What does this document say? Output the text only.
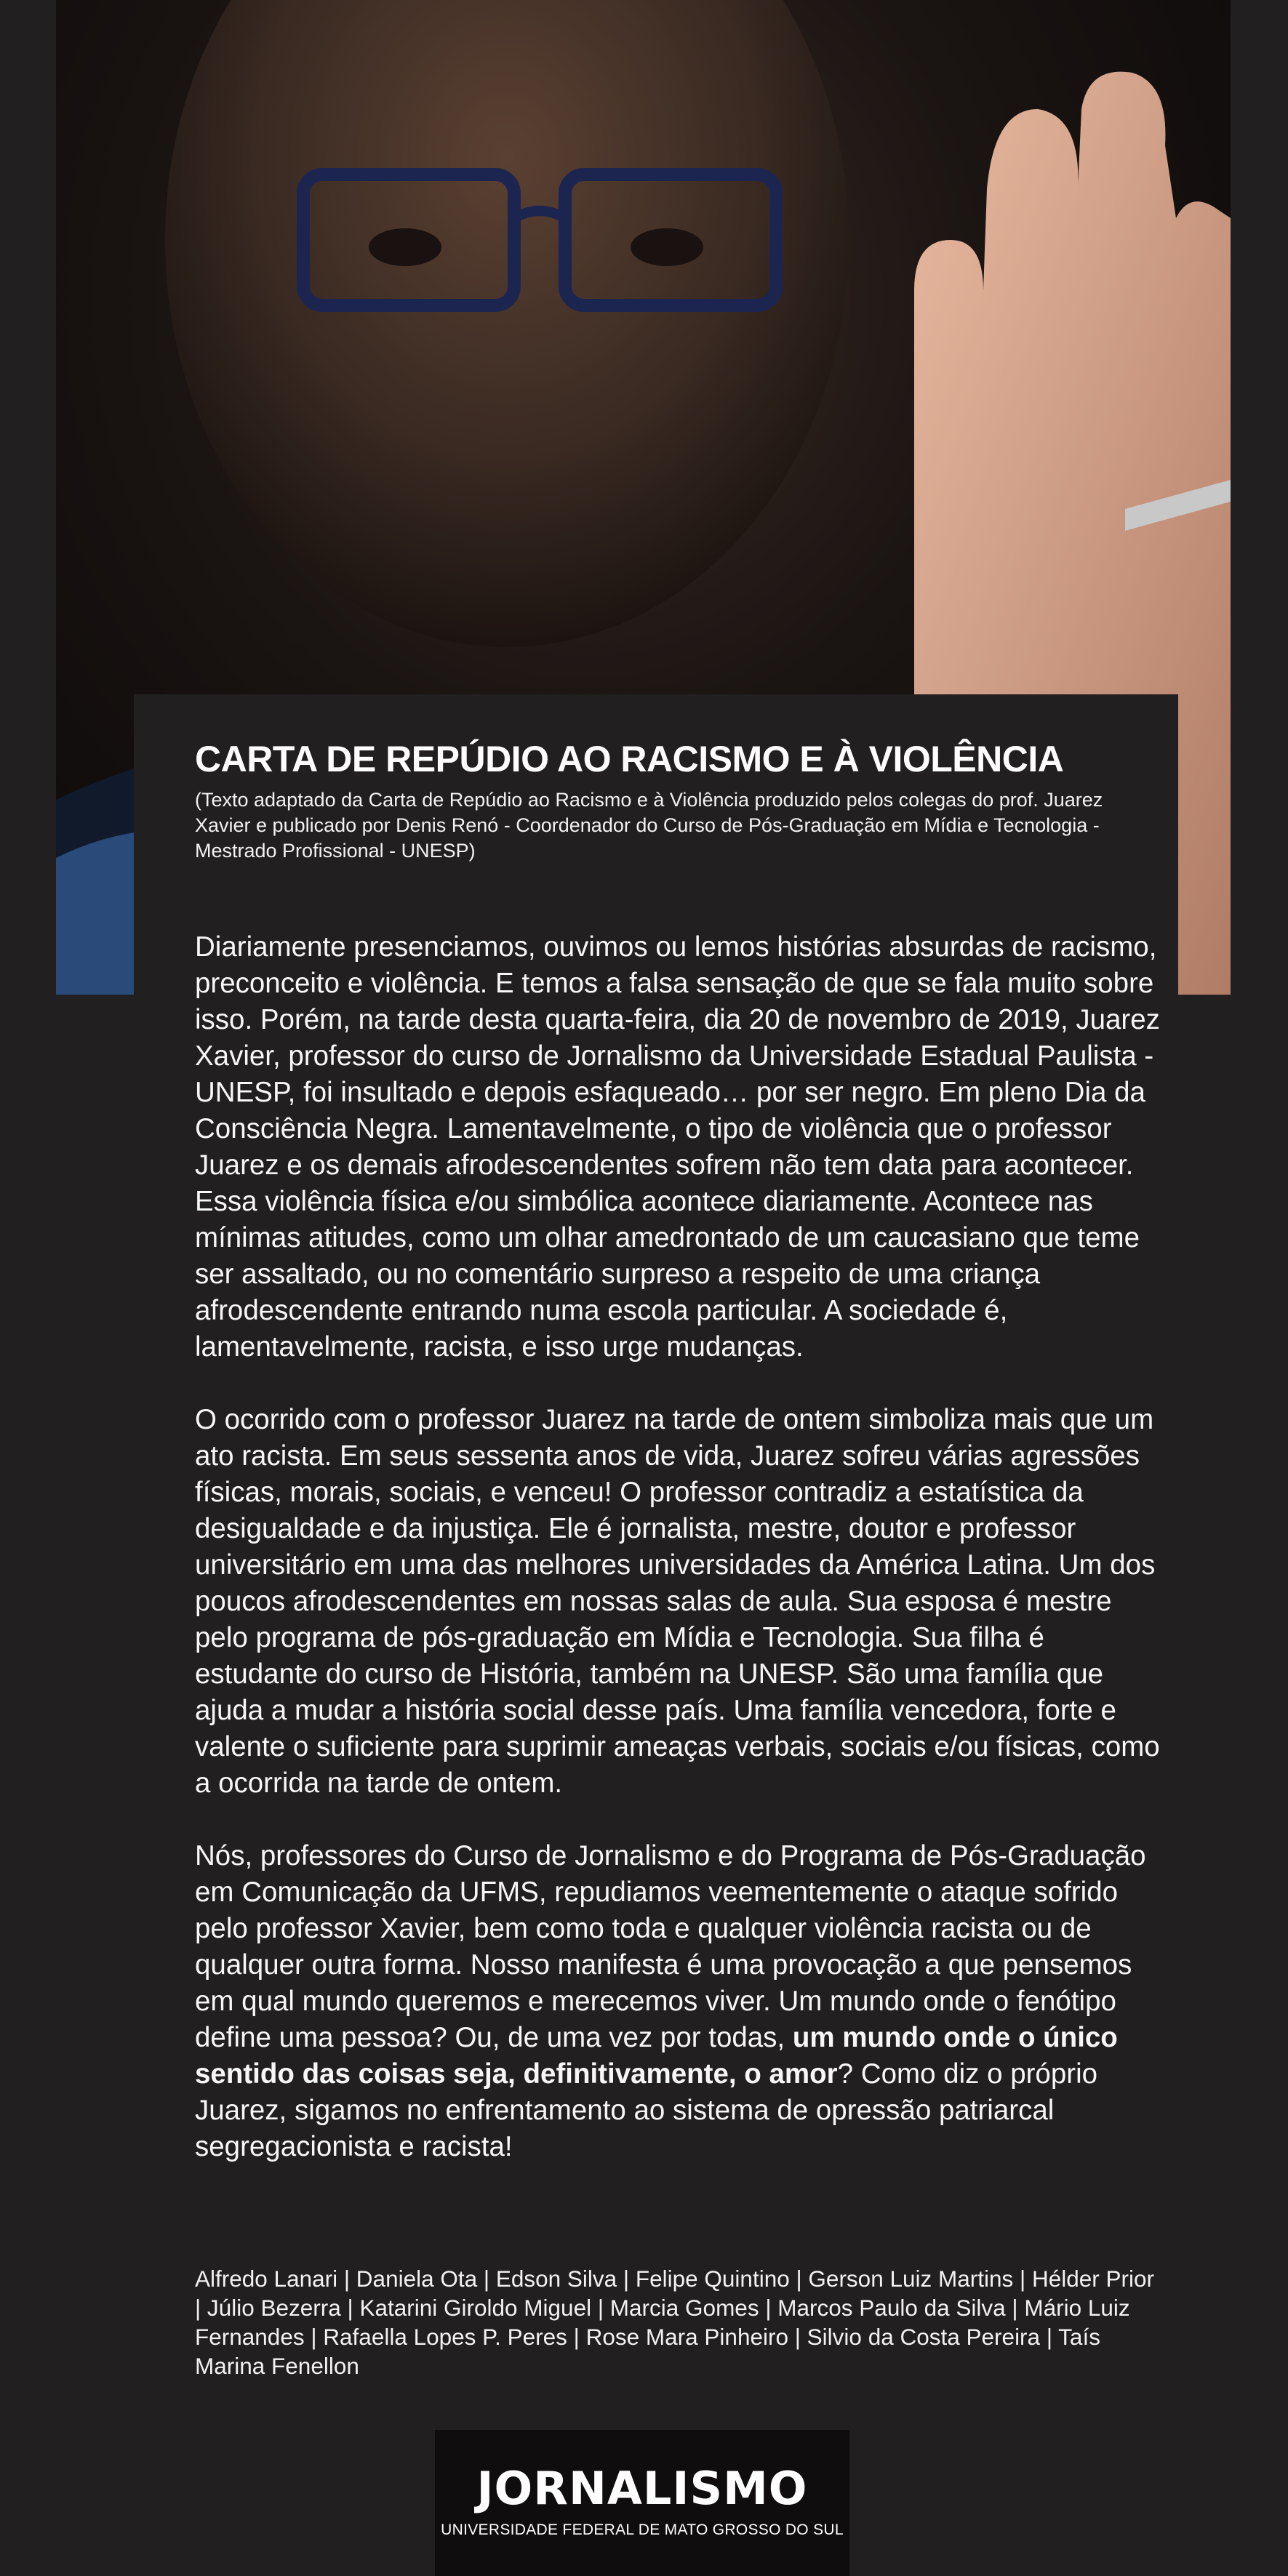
CARTA DE REPÚDIO AO RACISMO E À VIOLÊNCIA

(Texto adaptado da Carta de Repúdio ao Racismo e à Violência produzido pelos colegas do prof. Juarez Xavier e publicado por Denis Renó - Coordenador do Curso de Pós-Graduação em Mídia e Tecnologia - Mestrado Profissional - UNESP)

Diariamente presenciamos, ouvimos ou lemos histórias absurdas de racismo, preconceito e violência. E temos a falsa sensação de que se fala muito sobre isso. Porém, na tarde desta quarta-feira, dia 20 de novembro de 2019, Juarez Xavier, professor do curso de Jornalismo da Universidade Estadual Paulista - UNESP, foi insultado e depois esfaqueado… por ser negro. Em pleno Dia da Consciência Negra. Lamentavelmente, o tipo de violência que o professor Juarez e os demais afrodescendentes sofrem não tem data para acontecer. Essa violência física e/ou simbólica acontece diariamente. Acontece nas mínimas atitudes, como um olhar amedrontado de um caucasiano que teme ser assaltado, ou no comentário surpreso a respeito de uma criança afrodescendente entrando numa escola particular. A sociedade é, lamentavelmente, racista, e isso urge mudanças.

O ocorrido com o professor Juarez na tarde de ontem simboliza mais que um ato racista. Em seus sessenta anos de vida, Juarez sofreu várias agressões físicas, morais, sociais, e venceu! O professor contradiz a estatística da desigualdade e da injustiça. Ele é jornalista, mestre, doutor e professor universitário em uma das melhores universidades da América Latina. Um dos poucos afrodescendentes em nossas salas de aula. Sua esposa é mestre pelo programa de pós-graduação em Mídia e Tecnologia. Sua filha é estudante do curso de História, também na UNESP. São uma família que ajuda a mudar a história social desse país. Uma família vencedora, forte e valente o suficiente para suprimir ameaças verbais, sociais e/ou físicas, como a ocorrida na tarde de ontem.

Nós, professores do Curso de Jornalismo e do Programa de Pós-Graduação em Comunicação da UFMS, repudiamos veementemente o ataque sofrido pelo professor Xavier, bem como toda e qualquer violência racista ou de qualquer outra forma. Nosso manifesta é uma provocação a que pensemos em qual mundo queremos e merecemos viver. Um mundo onde o fenótipo define uma pessoa? Ou, de uma vez por todas, um mundo onde o único sentido das coisas seja, definitivamente, o amor? Como diz o próprio Juarez, sigamos no enfrentamento ao sistema de opressão patriarcal segregacionista e racista!

Alfredo Lanari | Daniela Ota | Edson Silva | Felipe Quintino | Gerson Luiz Martins | Hélder Prior | Júlio Bezerra | Katarini Giroldo Miguel | Marcia Gomes | Marcos Paulo da Silva | Mário Luiz Fernandes | Rafaella Lopes P. Peres | Rose Mara Pinheiro | Silvio da Costa Pereira | Taís Marina Fenellon

JORNALISMO
UNIVERSIDADE FEDERAL DE MATO GROSSO DO SUL
